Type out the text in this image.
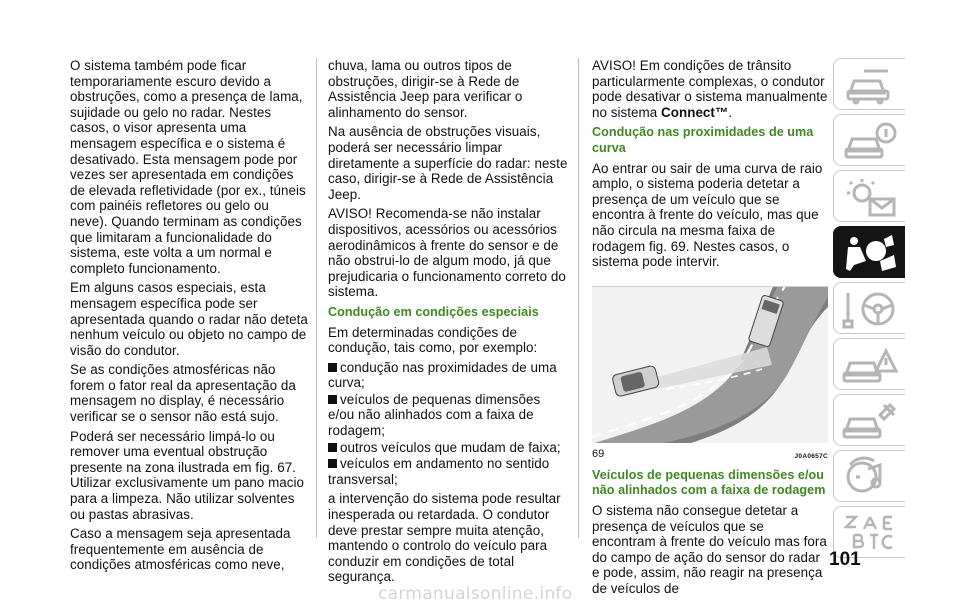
O sistema também pode ficar temporariamente escuro devido a obstruções, como a presença de lama, sujidade ou gelo no radar. Nestes casos, o visor apresenta uma mensagem específica e o sistema é desativado. Esta mensagem pode por vezes ser apresentada em condições de elevada refletividade (por ex., túneis com painéis refletores ou gelo ou neve). Quando terminam as condições que limitaram a funcionalidade do sistema, este volta a um normal e completo funcionamento.

Em alguns casos especiais, esta mensagem específica pode ser apresentada quando o radar não deteta nenhum veículo ou objeto no campo de visão do condutor.

Se as condições atmosféricas não forem o fator real da apresentação da mensagem no display, é necessário verificar se o sensor não está sujo.

Poderá ser necessário limpá-lo ou remover uma eventual obstrução presente na zona ilustrada em fig. 67. Utilizar exclusivamente um pano macio para a limpeza. Não utilizar solventes ou pastas abrasivas.

Caso a mensagem seja apresentada frequentemente em ausência de condições atmosféricas como neve,

chuva, lama ou outros tipos de obstruções, dirigir-se à Rede de Assistência Jeep para verificar o alinhamento do sensor.

Na ausência de obstruções visuais, poderá ser necessário limpar diretamente a superfície do radar: neste caso, dirigir-se à Rede de Assistência Jeep.

AVISO! Recomenda-se não instalar dispositivos, acessórios ou acessórios aerodinâmicos à frente do sensor e de não obstrui-lo de algum modo, já que prejudicaria o funcionamento correto do sistema.

Condução em condições especiais

Em determinadas condições de condução, tais como, por exemplo:

condução nas proximidades de uma curva;
veículos de pequenas dimensões e/ou não alinhados com a faixa de rodagem;
outros veículos que mudam de faixa;
veículos em andamento no sentido transversal;

a intervenção do sistema pode resultar inesperada ou retardada. O condutor deve prestar sempre muita atenção, mantendo o controlo do veículo para conduzir em condições de total segurança.

AVISO! Em condições de trânsito particularmente complexas, o condutor pode desativar o sistema manualmente no sistema Connect™.

Condução nas proximidades de uma curva

Ao entrar ou sair de uma curva de raio amplo, o sistema poderia detetar a presença de um veículo que se encontra à frente do veículo, mas que não circula na mesma faixa de rodagem fig. 69. Nestes casos, o sistema pode intervir.

69	J0A0657C
Veículos de pequenas dimensões e/ou não alinhados com a faixa de rodagem

O sistema não consegue detetar a presença de veículos que se encontram à frente do veículo mas fora do campo de ação do sensor do radar e pode, assim, não reagir na presença de veículos de

101
carmanualsonline.info
